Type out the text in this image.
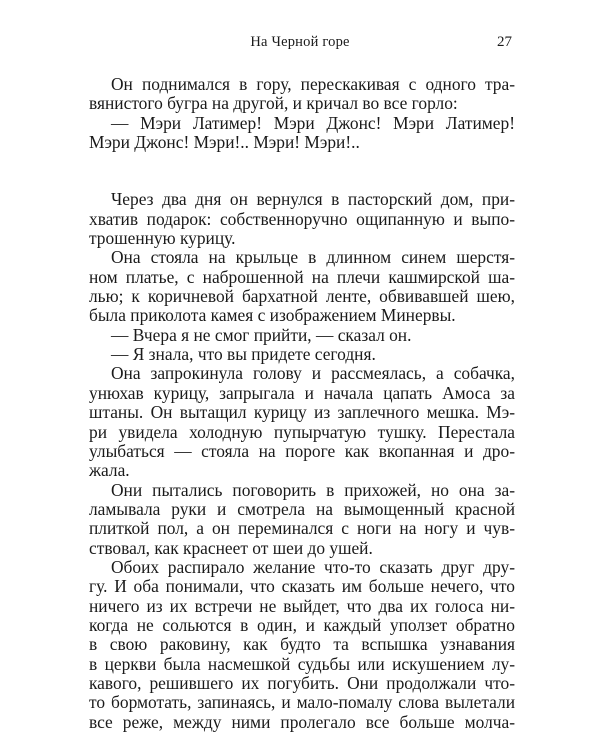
На Черной горе	27
Он поднимался в гору, перескакивая с одного тра-
вянистого бугра на другой, и кричал во все горло:
— Мэри Латимер! Мэри Джонс! Мэри Латимер!
Мэри Джонс! Мэри!.. Мэри! Мэри!..
Через два дня он вернулся в пасторский дом, при-
хватив подарок: собственноручно ощипанную и выпо-
трошенную курицу.
Она стояла на крыльце в длинном синем шерстя-
ном платье, с наброшенной на плечи кашмирской ша-
лью; к коричневой бархатной ленте, обвивавшей шею,
была приколота камея с изображением Минервы.
— Вчера я не смог прийти, — сказал он.
— Я знала, что вы придете сегодня.
Она запрокинула голову и рассмеялась, а собачка,
унюхав курицу, запрыгала и начала цапать Амоса за
штаны. Он вытащил курицу из заплечного мешка. Мэ-
ри увидела холодную пупырчатую тушку. Перестала
улыбаться — стояла на пороге как вкопанная и дро-
жала.
Они пытались поговорить в прихожей, но она за-
ламывала руки и смотрела на вымощенный красной
плиткой пол, а он переминался с ноги на ногу и чув-
ствовал, как краснеет от шеи до ушей.
Обоих распирало желание что-то сказать друг дру-
гу. И оба понимали, что сказать им больше нечего, что
ничего из их встречи не выйдет, что два их голоса ни-
когда не сольются в один, и каждый уползет обратно
в свою раковину, как будто та вспышка узнавания
в церкви была насмешкой судьбы или искушением лу-
кавого, решившего их погубить. Они продолжали что-
то бормотать, запинаясь, и мало-помалу слова вылетали
все реже, между ними пролегало все больше молча-
